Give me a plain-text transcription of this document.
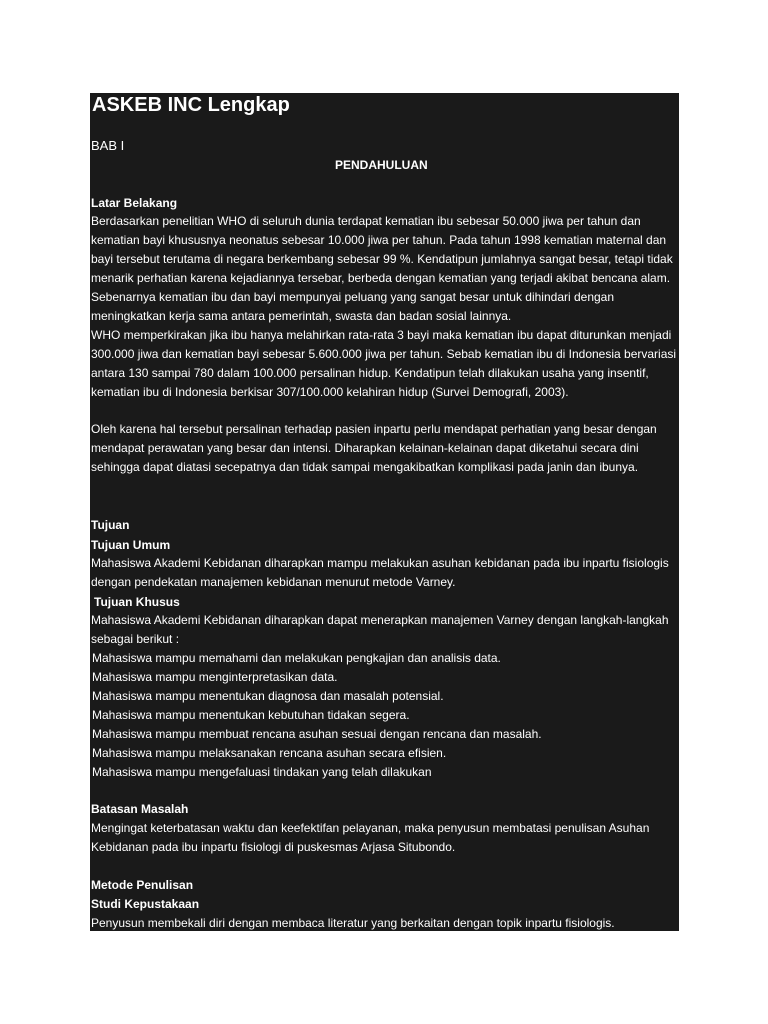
ASKEB INC Lengkap
BAB I
PENDAHULUAN
1.1. Latar Belakang

Berdasarkan penelitian WHO di seluruh dunia terdapat kematian ibu sebesar 50.000 jiwa per tahun dan kematian bayi khususnya neonatus sebesar 10.000 jiwa per tahun. Pada tahun 1998 kematian maternal dan bayi tersebut terutama di negara berkembang sebesar 99 %. Kendatipun jumlahnya sangat besar, tetapi tidak menarik perhatian karena kejadiannya tersebar, berbeda dengan kematian yang terjadi akibat bencana alam. Sebenarnya kematian ibu dan bayi mempunyai peluang yang sangat besar untuk dihindari dengan meningkatkan kerja sama antara pemerintah, swasta dan badan sosial lainnya.

WHO memperkirakan jika ibu hanya melahirkan rata-rata 3 bayi maka kematian ibu dapat diturunkan menjadi 300.000 jiwa dan kematian bayi sebesar 5.600.000 jiwa per tahun. Sebab kematian ibu di Indonesia bervariasi antara 130 sampai 780 dalam 100.000 persalinan hidup. Kendatipun telah dilakukan usaha yang insentif, kematian ibu di Indonesia berkisar 307/100.000 kelahiran hidup (Survei Demografi, 2003).

Oleh karena hal tersebut persalinan terhadap pasien inpartu perlu mendapat perhatian yang besar dengan mendapat perawatan yang besar dan intensi. Diharapkan kelainan-kelainan dapat diketahui secara dini sehingga dapat diatasi secepatnya dan tidak sampai mengakibatkan komplikasi pada janin dan ibunya.

1.2. Tujuan
1.2.1. Tujuan Umum

Mahasiswa Akademi Kebidanan diharapkan mampu melakukan asuhan kebidanan pada ibu inpartu fisiologis dengan pendekatan manajemen kebidanan menurut metode Varney.

1.2.2. Tujuan Khusus

Mahasiswa Akademi Kebidanan diharapkan dapat menerapkan manajemen Varney dengan langkah-langkah sebagai berikut :

1.	Mahasiswa mampu memahami dan melakukan pengkajian dan analisis data.
2.	Mahasiswa mampu menginterpretasikan data.
3.	Mahasiswa mampu menentukan diagnosa dan masalah potensial.
4.	Mahasiswa mampu menentukan kebutuhan tidakan segera.
5.	Mahasiswa mampu membuat rencana asuhan sesuai dengan rencana dan masalah.
6.	Mahasiswa mampu melaksanakan rencana asuhan secara efisien.
7.	Mahasiswa mampu mengefaluasi tindakan yang telah dilakukan
1.3. Batasan Masalah

Mengingat keterbatasan waktu dan keefektifan pelayanan, maka penyusun membatasi penulisan Asuhan Kebidanan pada ibu inpartu fisiologi di puskesmas Arjasa Situbondo.

1.4. Metode Penulisan
1.4.1. Studi Kepustakaan
Penyusun membekali diri dengan membaca literatur yang berkaitan dengan topik inpartu fisiologis.
